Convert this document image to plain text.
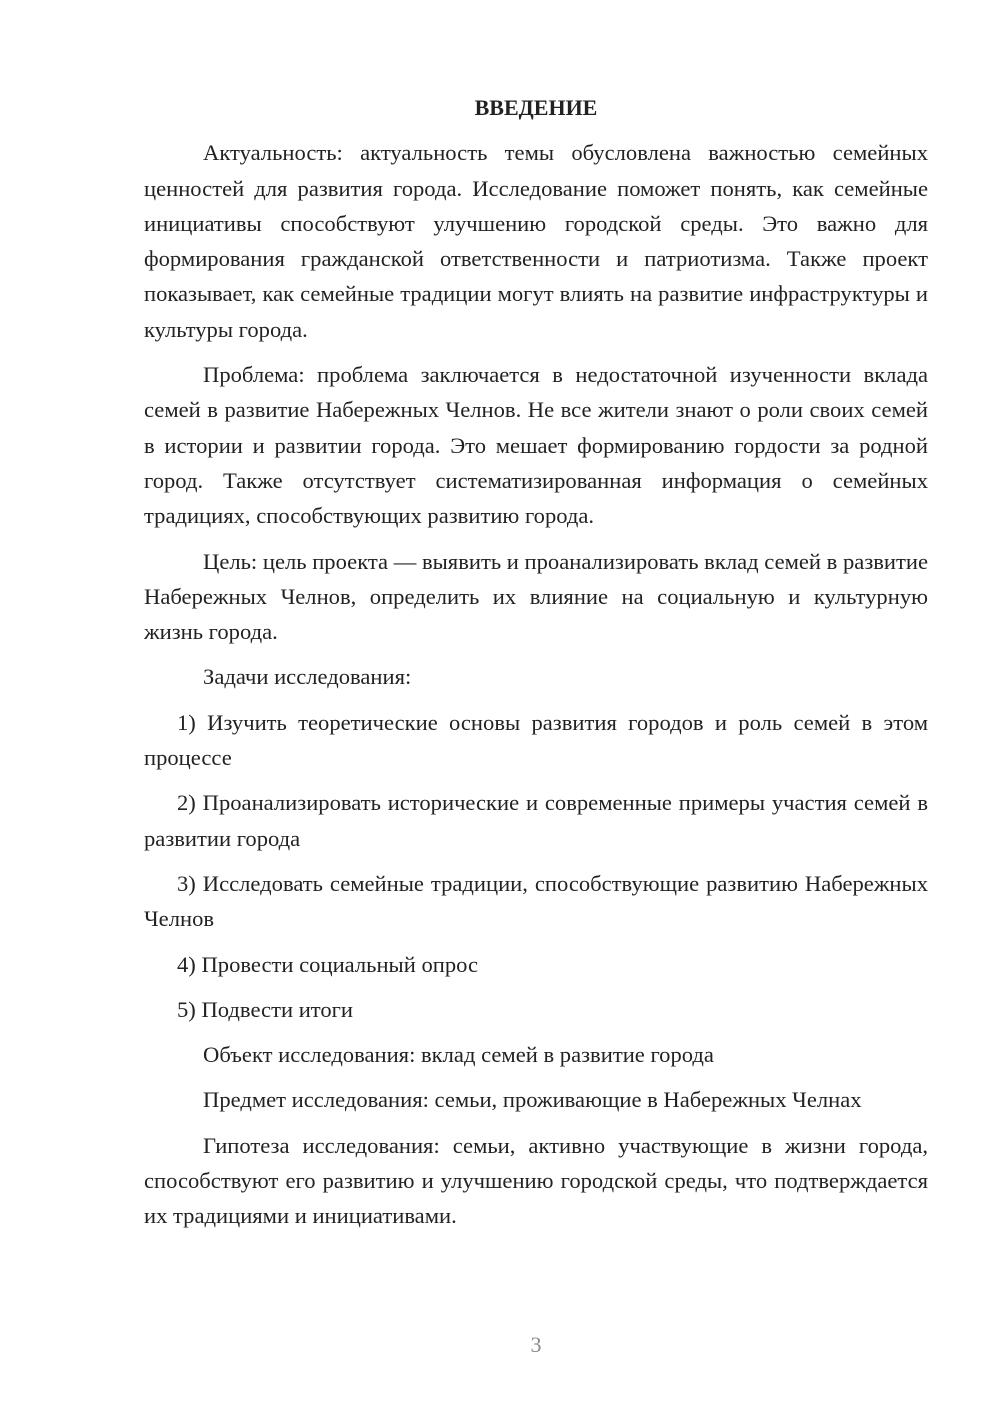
ВВЕДЕНИЕ

Актуальность: актуальность темы обусловлена важностью семейных ценностей для развития города. Исследование поможет понять, как семейные инициативы способствуют улучшению городской среды. Это важно для формирования гражданской ответственности и патриотизма. Также проект показывает, как семейные традиции могут влиять на развитие инфраструктуры и культуры города.

Проблема: проблема заключается в недостаточной изученности вклада семей в развитие Набережных Челнов. Не все жители знают о роли своих семей в истории и развитии города. Это мешает формированию гордости за родной город. Также отсутствует систематизированная информация о семейных традициях, способствующих развитию города.

Цель: цель проекта — выявить и проанализировать вклад семей в развитие Набережных Челнов, определить их влияние на социальную и культурную жизнь города.

Задачи исследования:

1) Изучить теоретические основы развития городов и роль семей в этом процессе

2) Проанализировать исторические и современные примеры участия семей в развитии города

3) Исследовать семейные традиции, способствующие развитию Набережных Челнов

4) Провести социальный опрос

5) Подвести итоги

Объект исследования: вклад семей в развитие города

Предмет исследования: семьи, проживающие в Набережных Челнах

Гипотеза исследования: семьи, активно участвующие в жизни города, способствуют его развитию и улучшению городской среды, что подтверждается их традициями и инициативами.

3
